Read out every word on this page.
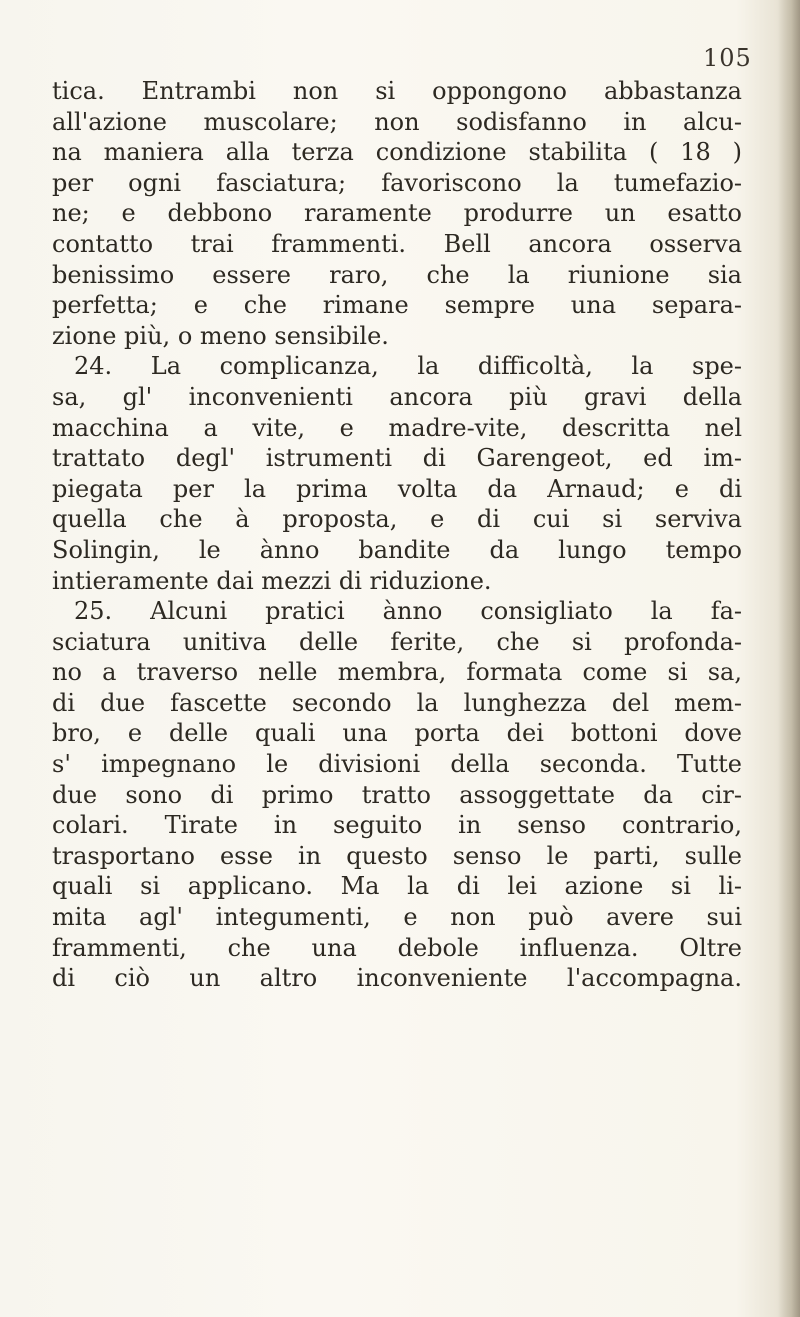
105
tica. Entrambi non si oppongono abbastanza
all'azione muscolare; non sodisfanno in alcu-
na maniera alla terza condizione stabilita ( 18 )
per ogni fasciatura; favoriscono la tumefazio-
ne; e debbono raramente produrre un esatto
contatto trai frammenti. Bell ancora osserva
benissimo essere raro, che la riunione sia
perfetta; e che rimane sempre una separa-
zione più, o meno sensibile.
24. La complicanza, la difficoltà, la spe-
sa, gl' inconvenienti ancora più gravi della
macchina a vite, e madre-vite, descritta nel
trattato degl' istrumenti di Garengeot, ed im-
piegata per la prima volta da Arnaud; e di
quella che à proposta, e di cui si serviva
Solingin, le ànno bandite da lungo tempo
intieramente dai mezzi di riduzione.
25. Alcuni pratici ànno consigliato la fa-
sciatura unitiva delle ferite, che si profonda-
no a traverso nelle membra, formata come si sa,
di due fascette secondo la lunghezza del mem-
bro, e delle quali una porta dei bottoni dove
s' impegnano le divisioni della seconda. Tutte
due sono di primo tratto assoggettate da cir-
colari. Tirate in seguito in senso contrario,
trasportano esse in questo senso le parti, sulle
quali si applicano. Ma la di lei azione si li-
mita agl' integumenti, e non può avere sui
frammenti, che una debole influenza. Oltre
di ciò un altro inconveniente l'accompagna.
